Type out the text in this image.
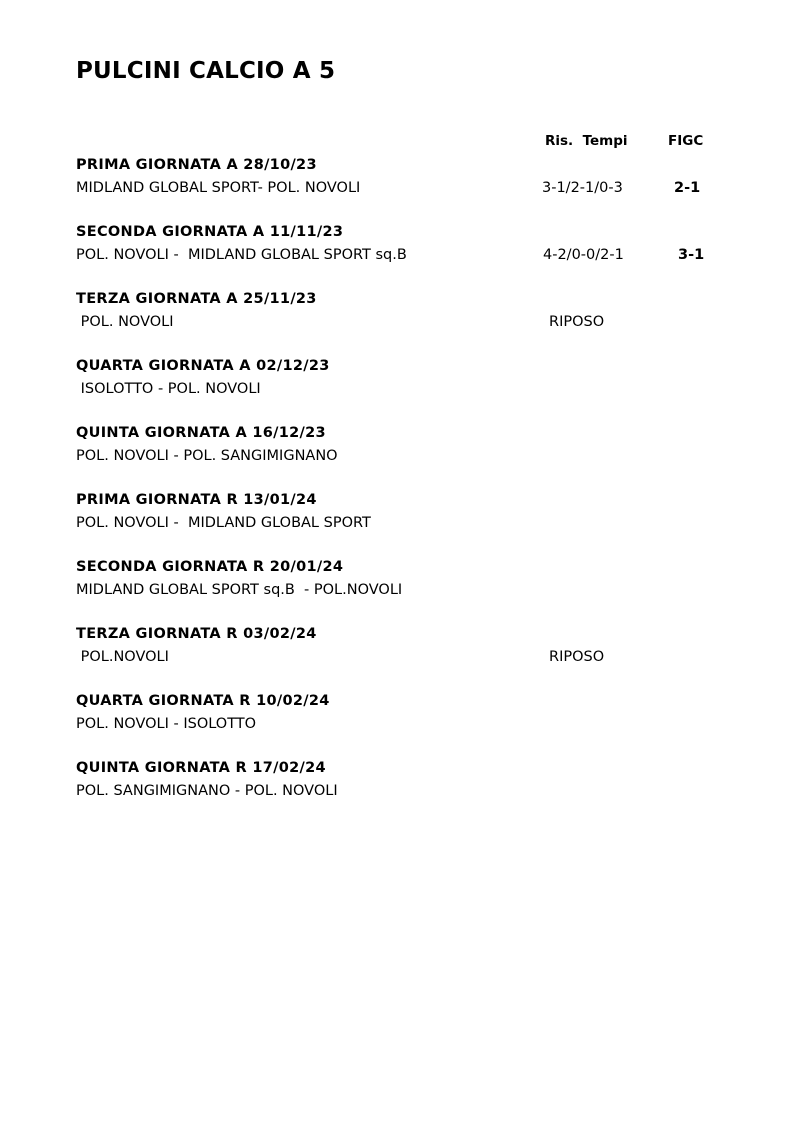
PULCINI CALCIO A 5
Ris.  Tempi	FIGC
PRIMA GIORNATA A 28/10/23
MIDLAND GLOBAL SPORT- POL. NOVOLI	3-1/2-1/0-3	2-1
SECONDA GIORNATA A 11/11/23
POL. NOVOLI -  MIDLAND GLOBAL SPORT sq.B	4-2/0-0/2-1	3-1
TERZA GIORNATA A 25/11/23
POL. NOVOLI	RIPOSO
QUARTA GIORNATA A 02/12/23
ISOLOTTO - POL. NOVOLI
QUINTA GIORNATA A 16/12/23
POL. NOVOLI - POL. SANGIMIGNANO
PRIMA GIORNATA R 13/01/24
POL. NOVOLI -  MIDLAND GLOBAL SPORT
SECONDA GIORNATA R 20/01/24
MIDLAND GLOBAL SPORT sq.B  - POL.NOVOLI
TERZA GIORNATA R 03/02/24
POL.NOVOLI	RIPOSO
QUARTA GIORNATA R 10/02/24
POL. NOVOLI - ISOLOTTO
QUINTA GIORNATA R 17/02/24
POL. SANGIMIGNANO - POL. NOVOLI
